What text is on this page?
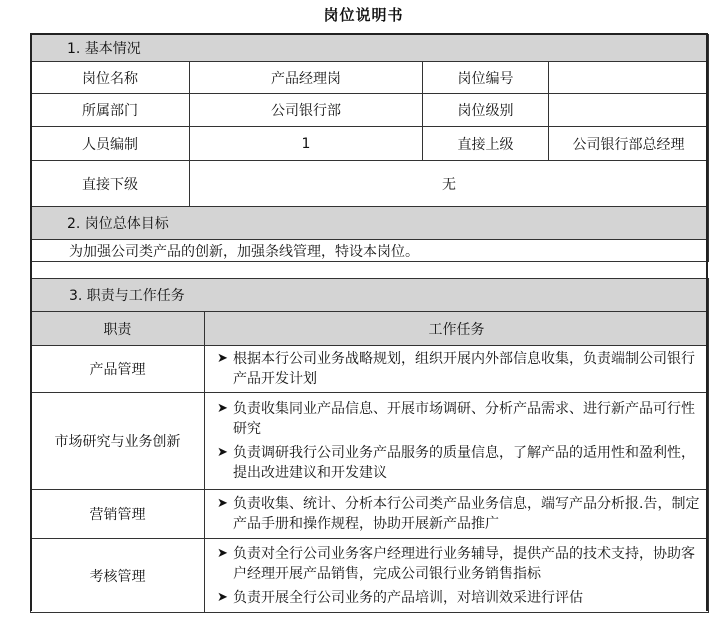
岗位说明书
1. 基本情况			
岗位名称	产品经理岗	岗位编号	
所属部门	公司银行部	岗位级别	
人员编制	1	直接上级	公司银行部总经理
直接下级	无		
2. 岗位总体目标			
为加强公司类产品的创新，加强条线管理，特设本岗位。			
3. 职责与工作任务	
职责	工作任务
产品管理	➤ 根据本行公司业务战略规划，组织开展内外部信息收集，负责端制公司银行产品开发计划

市场研究与业务创新	➤ 负责收集同业产品信息、开展市场调研、分析产品需求、进行新产品可行性研究
➤ 负责调研我行公司业务产品服务的质量信息，了解产品的适用性和盈利性，提出改进建议和开发建议

营销管理	➤ 负责收集、统计、分析本行公司类产品业务信息，端写产品分析报.告，制定产品手册和操作规程，协助开展新产品推广

考核管理	➤ 负责对全行公司业务客户经理进行业务辅导，提供产品的技术支持，协助客户经理开展产品销售，完成公司银行业务销售指标
➤ 负责开展全行公司业务的产品培训，对培训效采进行评估
